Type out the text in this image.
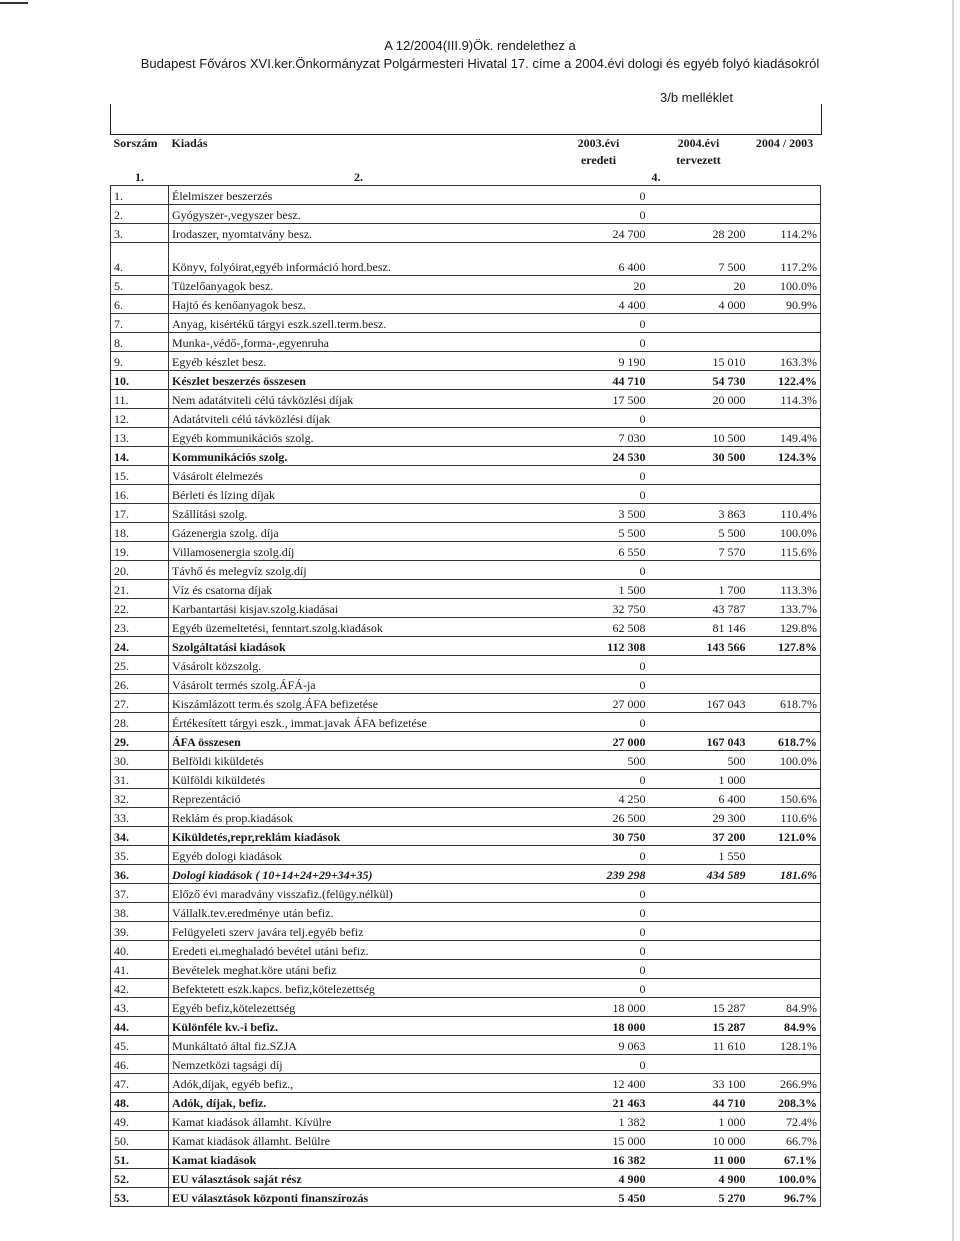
A 12/2004(III.9)Ök. rendelethez a
Budapest Főváros XVI.ker.Önkormányzat Polgármesteri Hivatal 17. címe a 2004.évi dologi és egyéb folyó kiadásokról
3/b melléklet
Sorszám	Kiadás	2003.évi	2004.évi	2004 / 2003
		eredeti	tervezett	
1.	2.		4.	
1.	Élelmiszer beszerzés	0		
2.	Gyógyszer-,vegyszer besz.	0		
3.	Irodaszer, nyomtatvány besz.	24 700	28 200	114.2%

4.	Könyv, folyóirat,egyéb információ hord.besz.	6 400	7 500	117.2%
5.	Tüzelőanyagok besz.	20	20	100.0%
6.	Hajtó és kenőanyagok besz.	4 400	4 000	90.9%
7.	Anyag, kisértékű tárgyi eszk.szell.term.besz.	0		
8.	Munka-,védő-,forma-,egyenruha	0		
9.	Egyéb készlet besz.	9 190	15 010	163.3%
10.	Készlet beszerzés összesen	44 710	54 730	122.4%
11.	Nem adatátviteli célú távközlési díjak	17 500	20 000	114.3%
12.	Adatátviteli célú távközlési díjak	0		
13.	Egyéb kommunikációs szolg.	7 030	10 500	149.4%
14.	Kommunikációs szolg.	24 530	30 500	124.3%
15.	Vásárolt élelmezés	0		
16.	Bérleti és lízing díjak	0		
17.	Szállítási szolg.	3 500	3 863	110.4%
18.	Gázenergia szolg. díja	5 500	5 500	100.0%
19.	Villamosenergia szolg.díj	6 550	7 570	115.6%
20.	Távhő és melegvíz szolg.díj	0		
21.	Víz és csatorna díjak	1 500	1 700	113.3%
22.	Karbantartási kisjav.szolg.kiadásai	32 750	43 787	133.7%
23.	Egyéb üzemeltetési, fenntart.szolg.kiadások	62 508	81 146	129.8%
24.	Szolgáltatási kiadások	112 308	143 566	127.8%
25.	Vásárolt közszolg.	0		
26.	Vásárolt termés szolg.ÁFÁ-ja	0		
27.	Kiszámlázott term.és szolg.ÁFA befizetése	27 000	167 043	618.7%
28.	Értékesített tárgyi eszk., immat.javak ÁFA befizetése	0		
29.	ÁFA összesen	27 000	167 043	618.7%
30.	Belföldi kiküldetés	500	500	100.0%
31.	Külföldi kiküldetés	0	1 000	
32.	Reprezentáció	4 250	6 400	150.6%
33.	Reklám és prop.kiadások	26 500	29 300	110.6%
34.	Kiküldetés,repr,reklám kiadások	30 750	37 200	121.0%
35.	Egyéb dologi kiadások	0	1 550	
36.	Dologi kiadások ( 10+14+24+29+34+35)	239 298	434 589	181.6%
37.	Előző évi maradvány visszafiz.(felügy.nélkül)	0		
38.	Vállalk.tev.eredménye után befiz.	0		
39.	Felügyeleti szerv javára telj.egyéb befiz	0		
40.	Eredeti ei.meghaladó bevétel utáni befiz.	0		
41.	Bevételek meghat.köre utáni befiz	0		
42.	Befektetett eszk.kapcs. befiz,kötelezettség	0		
43.	Egyéb befiz,kötelezettség	18 000	15 287	84.9%
44.	Különféle kv.-i befiz.	18 000	15 287	84.9%
45.	Munkáltató által fiz.SZJA	9 063	11 610	128.1%
46.	Nemzetközi tagsági díj	0		
47.	Adók,díjak, egyéb befiz.,	12 400	33 100	266.9%
48.	Adók, díjak, befiz.	21 463	44 710	208.3%
49.	Kamat kiadások államht. Kívülre	1 382	1 000	72.4%
50.	Kamat kiadások államht. Belülre	15 000	10 000	66.7%
51.	Kamat kiadások	16 382	11 000	67.1%
52.	EU választások saját rész	4 900	4 900	100.0%
53.	EU választások központi finanszírozás	5 450	5 270	96.7%
